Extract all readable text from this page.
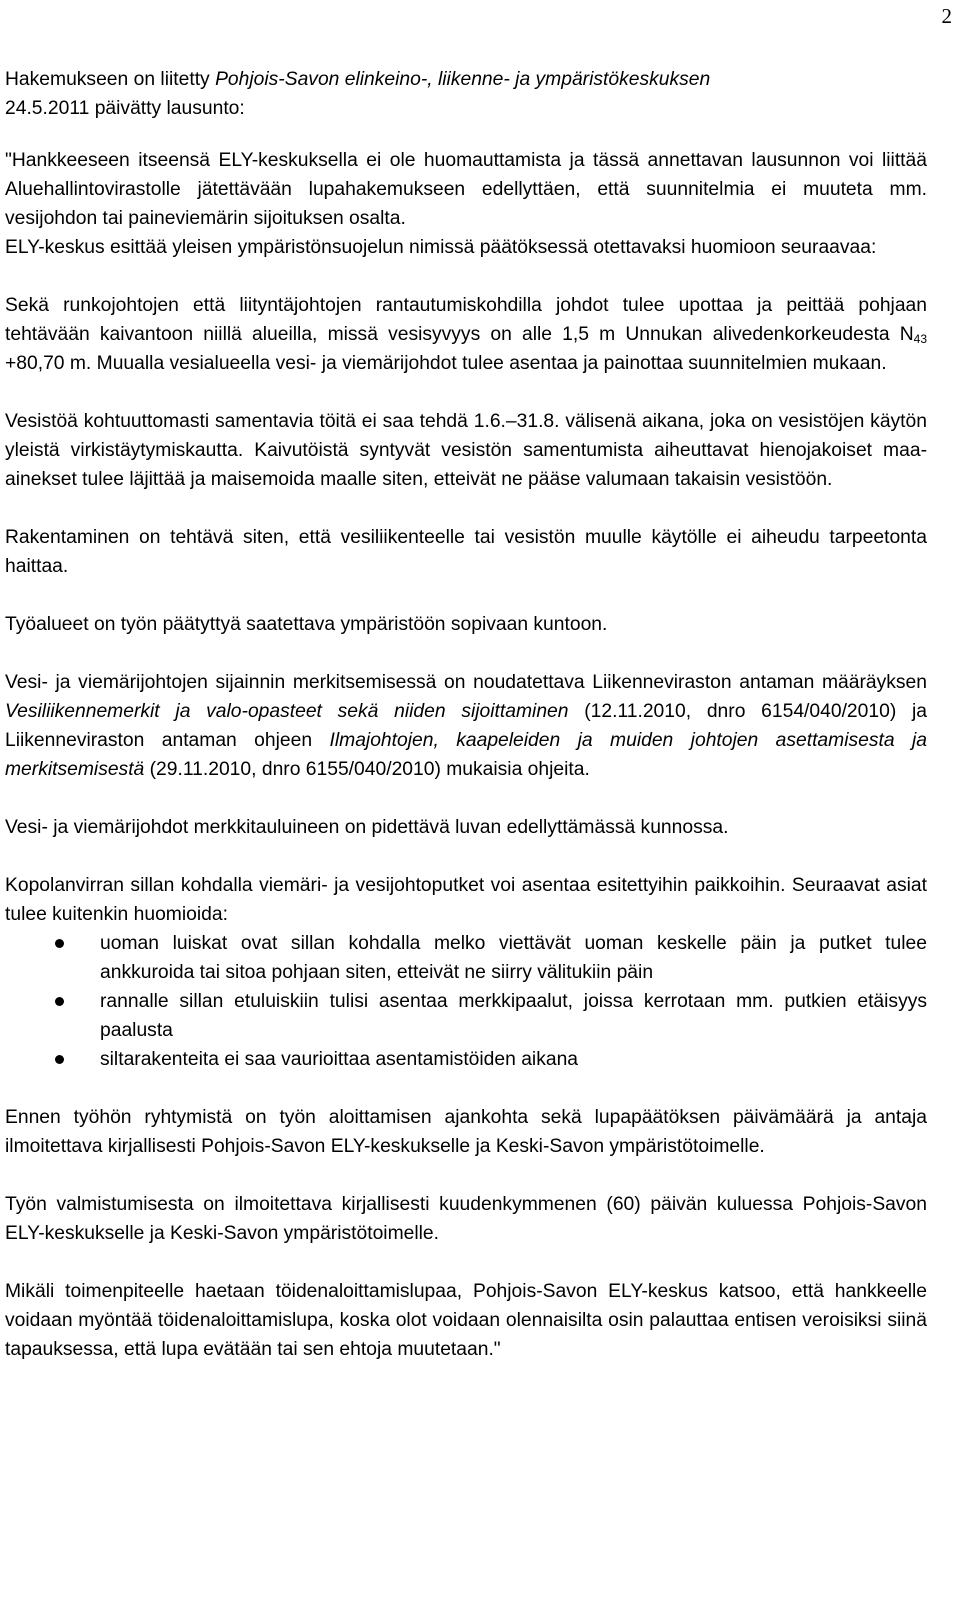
2

Hakemukseen on liitetty Pohjois-Savon elinkeino-, liikenne- ja ympäristökeskuksen
24.5.2011 päivätty lausunto:

"Hankkeeseen itseensä ELY-keskuksella ei ole huomauttamista ja tässä annettavan lausunnon voi liittää Aluehallintovirastolle jätettävään lupahakemukseen edellyttäen, että suunnitelmia ei muuteta mm. vesijohdon tai paineviemärin sijoituksen osalta.

ELY-keskus esittää yleisen ympäristönsuojelun nimissä päätöksessä otettavaksi huomioon seuraavaa:

Sekä runkojohtojen että liityntäjohtojen rantautumiskohdilla johdot tulee upottaa ja peittää pohjaan tehtävään kaivantoon niillä alueilla, missä vesisyvyys on alle 1,5 m Unnukan alivedenkorkeudesta $N_{43} +80,70$ m. Muualla vesialueella vesi- ja viemärijohdot tulee asentaa ja painottaa suunnitelmien mukaan.

Vesistöä kohtuuttomasti samentavia töitä ei saa tehdä 1.6.–31.8. välisenä aikana, joka on vesistöjen käytön yleistä virkistäytymiskautta. Kaivutöistä syntyvät vesistön samentumista aiheuttavat hienojakoiset maa-ainekset tulee läjittää ja maisemoida maalle siten, etteivät ne pääse valumaan takaisin vesistöön.

Rakentaminen on tehtävä siten, että vesiliikenteelle tai vesistön muulle käytölle ei aiheudu tarpeetonta haittaa.

Työalueet on työn päätyttyä saatettava ympäristöön sopivaan kuntoon.

Vesi- ja viemärijohtojen sijainnin merkitsemisessä on noudatettava Liikenneviraston antaman määräyksen Vesiliikennemerkit ja valo-opasteet sekä niiden sijoittaminen (12.11.2010, dnro 6154/040/2010) ja Liikenneviraston antaman ohjeen Ilmajohtojen, kaapeleiden ja muiden johtojen asettamisesta ja merkitsemisestä (29.11.2010, dnro 6155/040/2010) mukaisia ohjeita.

Vesi- ja viemärijohdot merkkitauluineen on pidettävä luvan edellyttämässä kunnossa.

Kopolanvirran sillan kohdalla viemäri- ja vesijohtoputket voi asentaa esitettyihin paikkoihin. Seuraavat asiat tulee kuitenkin huomioida:

uoman luiskat ovat sillan kohdalla melko viettävät uoman keskelle päin ja putket tulee ankkuroida tai sitoa pohjaan siten, etteivät ne siirry välitukiin päin
rannalle sillan etuluiskiin tulisi asentaa merkkipaalut, joissa kerrotaan mm. putkien etäisyys paalusta
siltarakenteita ei saa vaurioittaa asentamistöiden aikana

Ennen työhön ryhtymistä on työn aloittamisen ajankohta sekä lupapäätöksen päivämäärä ja antaja ilmoitettava kirjallisesti Pohjois-Savon ELY-keskukselle ja Keski-Savon ympäristötoimelle.

Työn valmistumisesta on ilmoitettava kirjallisesti kuudenkymmenen (60) päivän kuluessa Pohjois-Savon ELY-keskukselle ja Keski-Savon ympäristötoimelle.

Mikäli toimenpiteelle haetaan töidenaloittamislupaa, Pohjois-Savon ELY-keskus katsoo, että hankkeelle voidaan myöntää töidenaloittamislupa, koska olot voidaan olennaisilta osin palauttaa entisen veroisiksi siinä tapauksessa, että lupa evätään tai sen ehtoja muutetaan."
